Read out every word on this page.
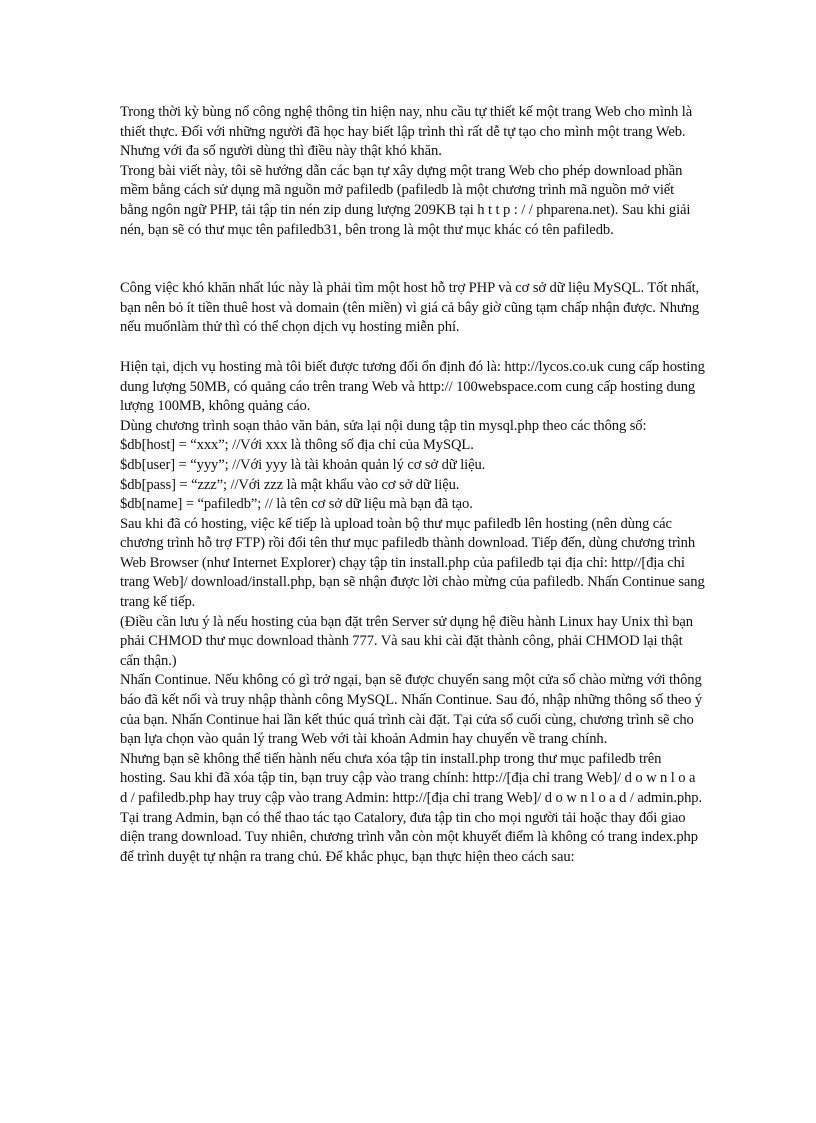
Trong thời kỳ bùng nổ công nghệ thông tin hiện nay, nhu cầu tự thiết kế một trang Web cho mình là thiết thực. Đối với những người đã học hay biết lập trình thì rất dễ tự tạo cho mình một trang Web. Nhưng với đa số người dùng thì điều này thật khó khăn.

Trong bài viết này, tôi sẽ hướng dẫn các bạn tự xây dựng một trang Web cho phép download phần mềm bằng cách sử dụng mã nguồn mở pafiledb (pafiledb là một chương trình mã nguồn mở viết bằng ngôn ngữ PHP, tải tập tin nén zip dung lượng 209KB tại h t t p : / / phparena.net). Sau khi giải nén, bạn sẽ có thư mục tên pafiledb31, bên trong là một thư mục khác có tên pafiledb.

Công việc khó khăn nhất lúc này là phải tìm một host hỗ trợ PHP và cơ sở dữ liệu MySQL. Tốt nhất, bạn nên bỏ ít tiền thuê host và domain (tên miền) vì giá cả bây giờ cũng tạm chấp nhận được. Nhưng nếu muốnlàm thử thì có thể chọn dịch vụ hosting miễn phí.

Hiện tại, dịch vụ hosting mà tôi biết được tương đối ổn định đó là: http://lycos.co.uk cung cấp hosting dung lượng 50MB, có quảng cáo trên trang Web và http:// 100webspace.com cung cấp hosting dung lượng 100MB, không quảng cáo.

Dùng chương trình soạn thảo văn bản, sửa lại nội dung tập tin mysql.php theo các thông số:

$db[host] = “xxx”; //Với xxx là thông số địa chỉ của MySQL.

$db[user] = “yyy”; //Với yyy là tài khoản quản lý cơ sở dữ liệu.

$db[pass] = “zzz”; //Với zzz là mật khẩu vào cơ sở dữ liệu.

$db[name] = “pafiledb”; // là tên cơ sở dữ liệu mà bạn đã tạo.

Sau khi đã có hosting, việc kế tiếp là upload toàn bộ thư mục pafiledb lên hosting (nên dùng các chương trình hỗ trợ FTP) rồi đổi tên thư mục pafiledb thành download. Tiếp đến, dùng chương trình Web Browser (như Internet Explorer) chạy tập tin install.php của pafiledb tại địa chỉ: http//[địa chỉ trang Web]/ download/install.php, bạn sẽ nhận được lời chào mừng của pafiledb. Nhấn Continue sang trang kế tiếp.

(Điều cần lưu ý là nếu hosting của bạn đặt trên Server sử dụng hệ điều hành Linux hay Unix thì bạn phải CHMOD thư mục download thành 777. Và sau khi cài đặt thành công, phải CHMOD lại thật cẩn thận.)

Nhấn Continue. Nếu không có gì trở ngại, bạn sẽ được chuyển sang một cửa sổ chào mừng với thông báo đã kết nối và truy nhập thành công MySQL. Nhấn Continue. Sau đó, nhập những thông số theo ý của bạn. Nhấn Continue hai lần kết thúc quá trình cài đặt. Tại cửa sổ cuối cùng, chương trình sẽ cho bạn lựa chọn vào quản lý trang Web với tài khoản Admin hay chuyển về trang chính.

Nhưng bạn sẽ không thể tiến hành nếu chưa xóa tập tin install.php trong thư mục pafiledb trên hosting. Sau khi đã xóa tập tin, bạn truy cập vào trang chính: http://[địa chỉ trang Web]/ d o w n l o a d / pafiledb.php hay truy cập vào trang Admin: http://[địa chỉ trang Web]/ d o w n l o a d / admin.php.

Tại trang Admin, bạn có thể thao tác tạo Catalory, đưa tập tin cho mọi người tải hoặc thay đổi giao diện trang download. Tuy nhiên, chương trình vẫn còn một khuyết điểm là không có trang index.php để trình duyệt tự nhận ra trang chủ. Để khắc phục, bạn thực hiện theo cách sau:
